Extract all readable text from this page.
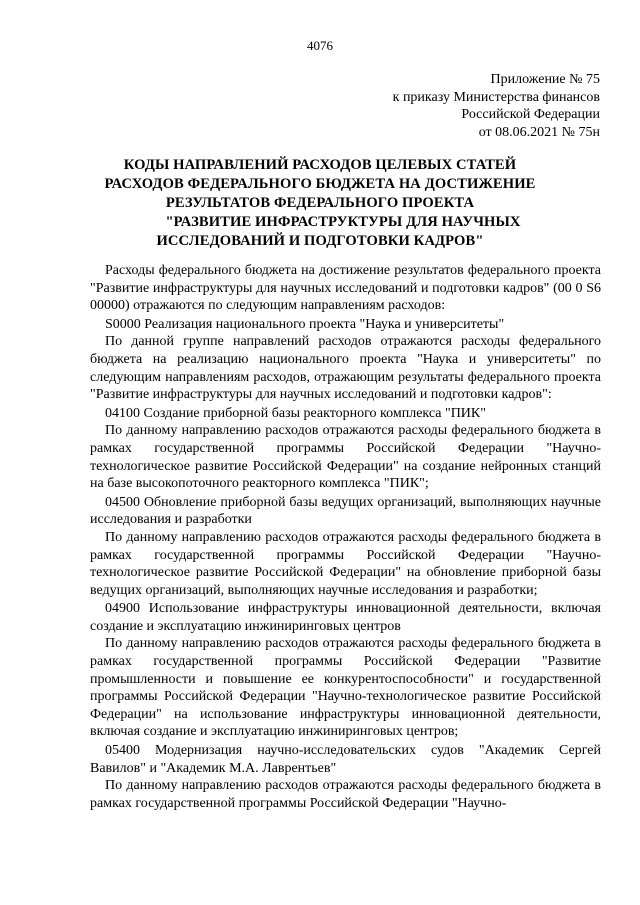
4076
Приложение № 75
к приказу Министерства финансов
Российской Федерации
от 08.06.2021 № 75н
КОДЫ НАПРАВЛЕНИЙ РАСХОДОВ ЦЕЛЕВЫХ СТАТЕЙ
РАСХОДОВ ФЕДЕРАЛЬНОГО БЮДЖЕТА НА ДОСТИЖЕНИЕ
РЕЗУЛЬТАТОВ ФЕДЕРАЛЬНОГО ПРОЕКТА
"РАЗВИТИЕ ИНФРАСТРУКТУРЫ ДЛЯ НАУЧНЫХ
ИССЛЕДОВАНИЙ И ПОДГОТОВКИ КАДРОВ"

Расходы федерального бюджета на достижение результатов федерального проекта "Развитие инфраструктуры для научных исследований и подготовки кадров" (00 0 S6 00000) отражаются по следующим направлениям расходов:

S0000 Реализация национального проекта "Наука и университеты"

По данной группе направлений расходов отражаются расходы федерального бюджета на реализацию национального проекта "Наука и университеты" по следующим направлениям расходов, отражающим результаты федерального проекта "Развитие инфраструктуры для научных исследований и подготовки кадров":

04100 Создание приборной базы реакторного комплекса "ПИК"

По данному направлению расходов отражаются расходы федерального бюджета в рамках государственной программы Российской Федерации "Научно-технологическое развитие Российской Федерации" на создание нейронных станций на базе высокопоточного реакторного комплекса "ПИК";

04500 Обновление приборной базы ведущих организаций, выполняющих научные исследования и разработки

По данному направлению расходов отражаются расходы федерального бюджета в рамках государственной программы Российской Федерации "Научно-технологическое развитие Российской Федерации" на обновление приборной базы ведущих организаций, выполняющих научные исследования и разработки;

04900 Использование инфраструктуры инновационной деятельности, включая создание и эксплуатацию инжиниринговых центров

По данному направлению расходов отражаются расходы федерального бюджета в рамках государственной программы Российской Федерации "Развитие промышленности и повышение ее конкурентоспособности" и государственной программы Российской Федерации "Научно-технологическое развитие Российской Федерации" на использование инфраструктуры инновационной деятельности, включая создание и эксплуатацию инжиниринговых центров;

05400 Модернизация научно-исследовательских судов "Академик Сергей Вавилов" и "Академик М.А. Лаврентьев"

По данному направлению расходов отражаются расходы федерального бюджета в рамках государственной программы Российской Федерации "Научно-
